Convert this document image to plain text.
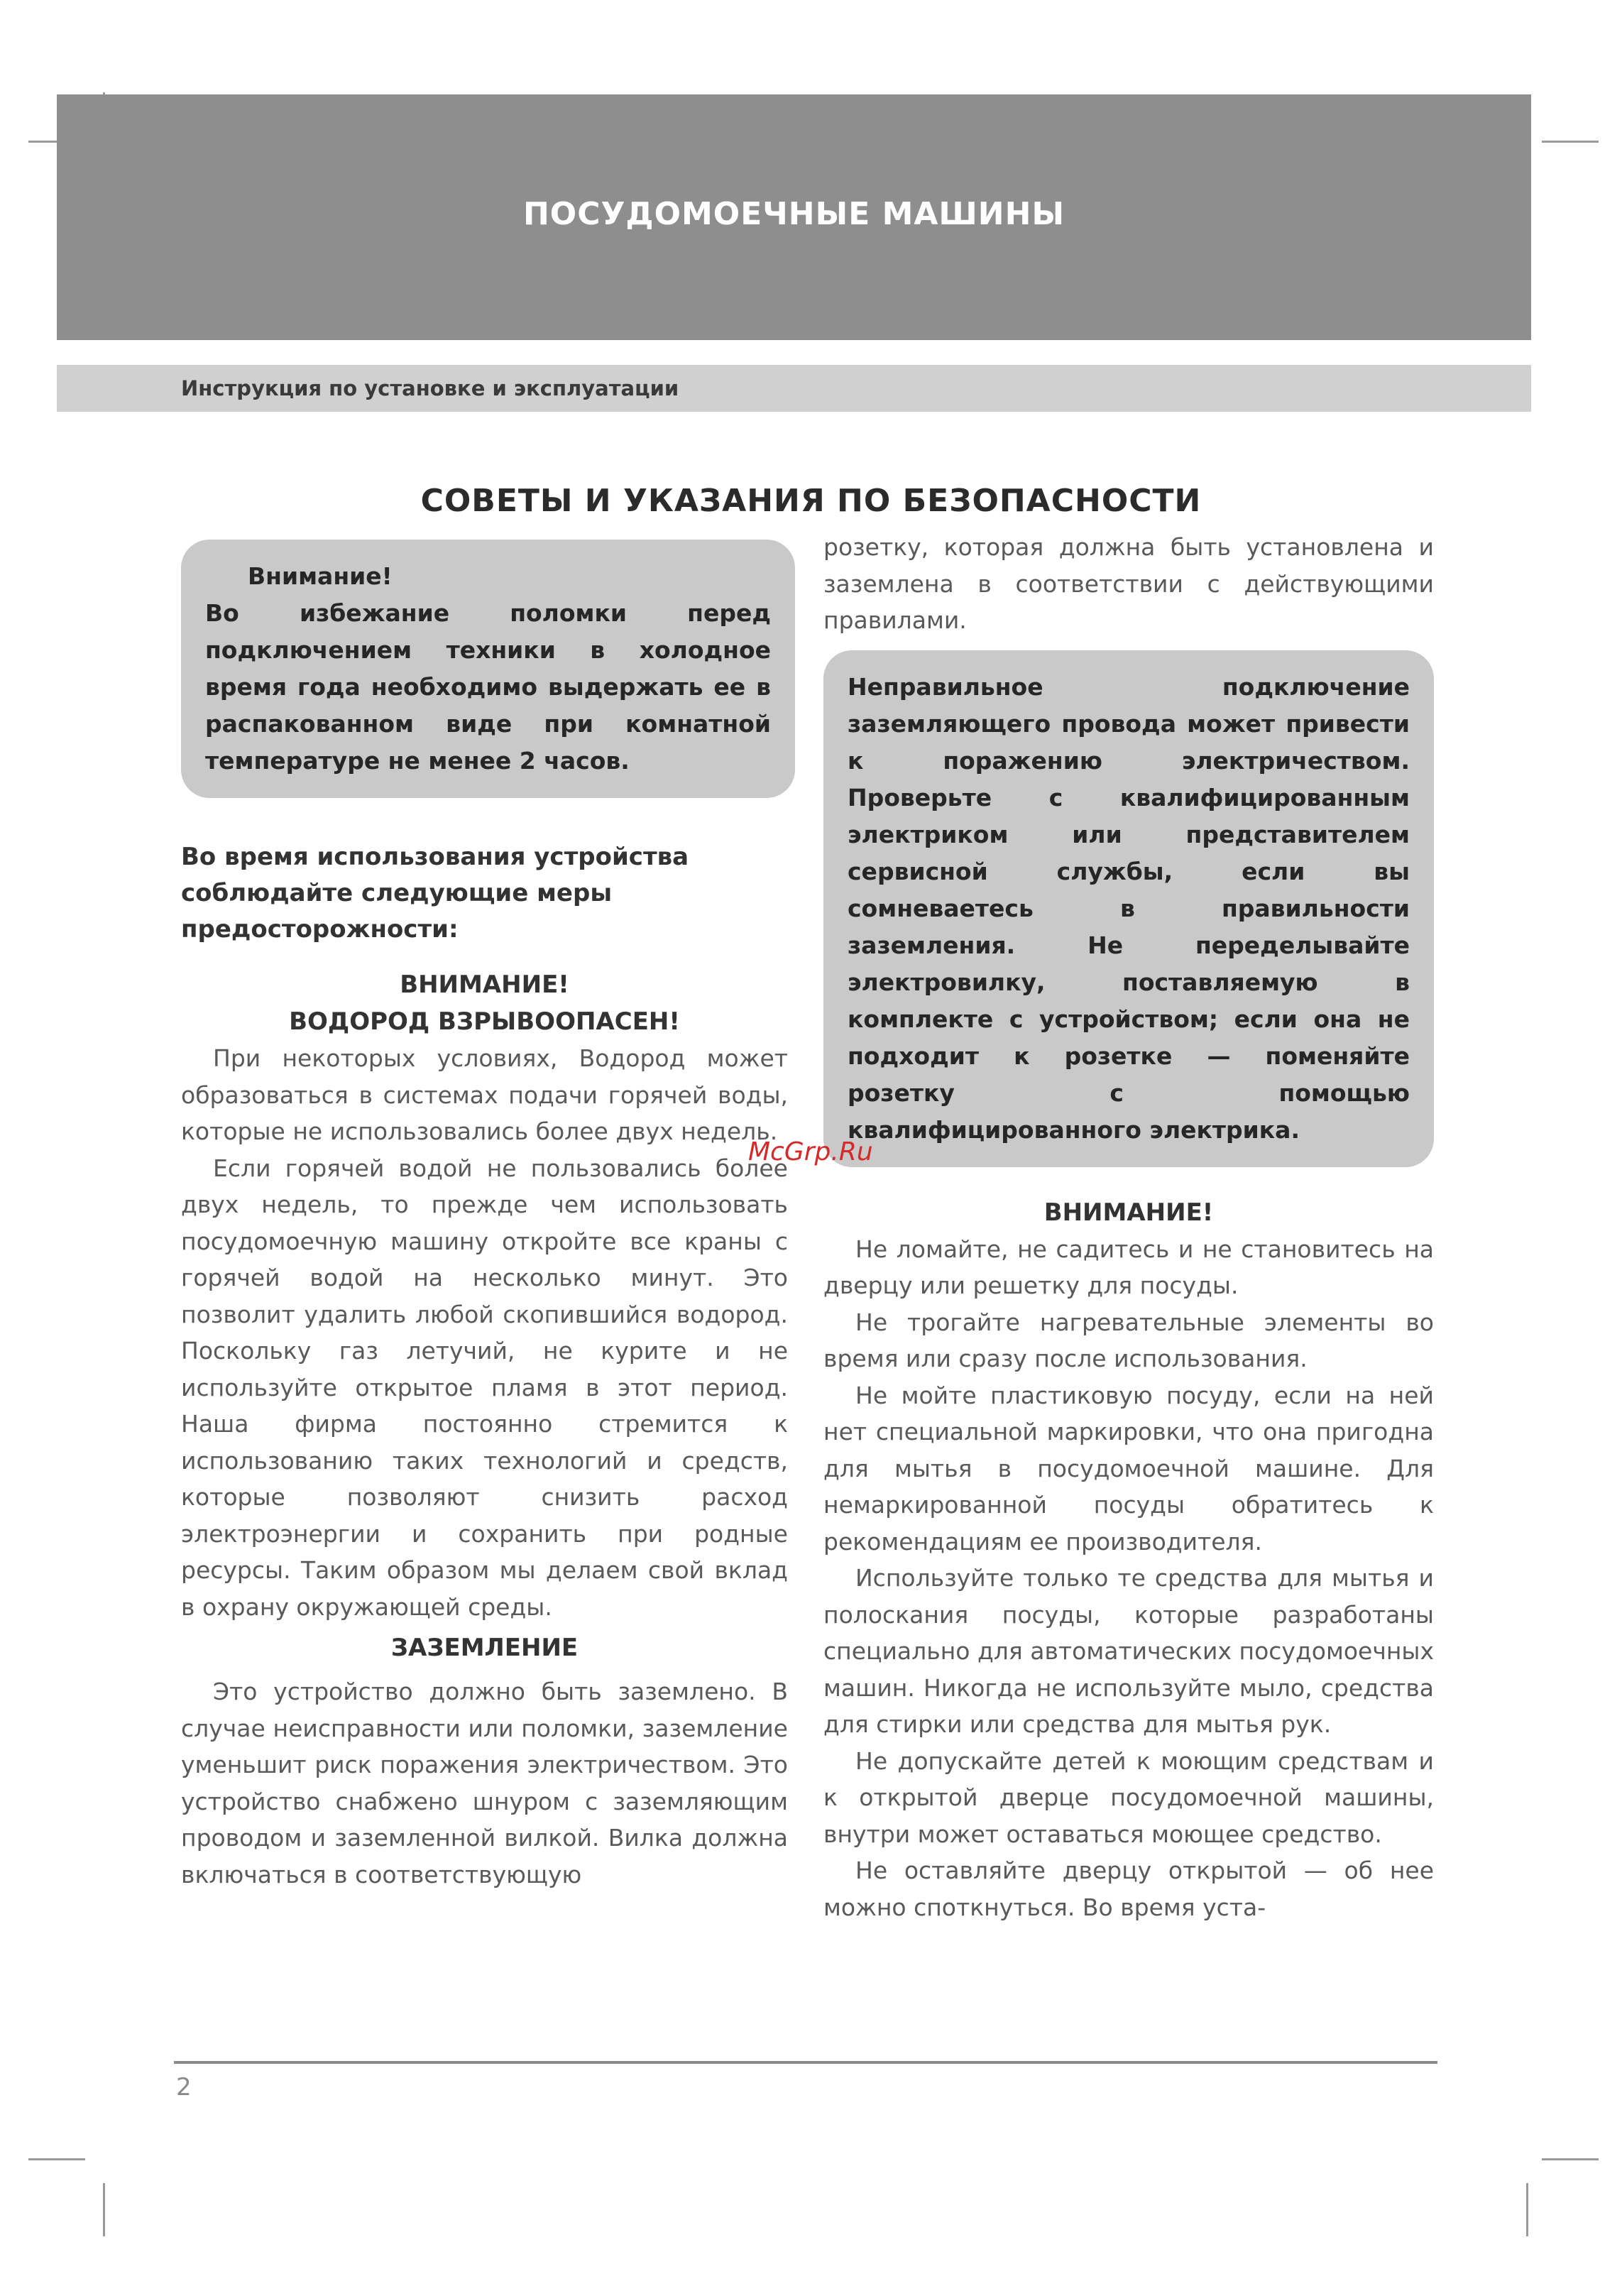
ПОСУДОМОЕЧНЫЕ МАШИНЫ
Инструкция по установке и эксплуатации
СОВЕТЫ И УКАЗАНИЯ ПО БЕЗОПАСНОСТИ
Внимание!
Во избежание поломки перед подключением техники в холодное время года необходимо выдержать ее в распакованном виде при комнатной температуре не менее 2 часов.
Во время использования устройства соблюдайте следующие меры предосторожности:
ВНИМАНИЕ!
ВОДОРОД ВЗРЫВООПАСЕН!

При некоторых условиях, Водород может образоваться в системах подачи горячей воды, которые не использовались более двух недель.

Если горячей водой не пользовались более двух недель, то прежде чем использовать посудомоечную машину откройте все краны с горячей водой на несколько минут. Это позволит удалить любой скопившийся водород. Поскольку газ летучий, не курите и не используйте открытое пламя в этот период. Наша фирма постоянно стремится к использованию таких технологий и средств, которые позволяют снизить расход электроэнергии и сохранить при родные ресурсы. Таким образом мы делаем свой вклад в охрану окружающей среды.

ЗАЗЕМЛЕНИЕ

Это устройство должно быть заземлено. В случае неисправности или поломки, заземление уменьшит риск поражения электричеством. Это устройство снабжено шнуром с заземляющим проводом и заземленной вилкой. Вилка должна включаться в соответствующую

розетку, которая должна быть установлена и заземлена в соответствии с действующими правилами.

Неправильное подключение заземляющего провода может привести к поражению электричеством. Проверьте с квалифицированным электриком или представителем сервисной службы, если вы сомневаетесь в правильности заземления. Не переделывайте электровилку, поставляемую в комплекте с устройством; если она не подходит к розетке — поменяйте розетку с помощью квалифицированного электрика.
ВНИМАНИЕ!

Не ломайте, не садитесь и не становитесь на дверцу или решетку для посуды.

Не трогайте нагревательные элементы во время или сразу после использования.

Не мойте пластиковую посуду, если на ней нет специальной маркировки, что она пригодна для мытья в посудомоечной машине. Для немаркированной посуды обратитесь к рекомендациям ее производителя.

Используйте только те средства для мытья и полоскания посуды, которые разработаны специально для автоматических посудомоечных машин. Никогда не используйте мыло, средства для стирки или средства для мытья рук.

Не допускайте детей к моющим средствам и к открытой дверце посудомоечной машины, внутри может оставаться моющее средство.

Не оставляйте дверцу открытой — об нее можно споткнуться. Во время уста-

McGrp.Ru
2
